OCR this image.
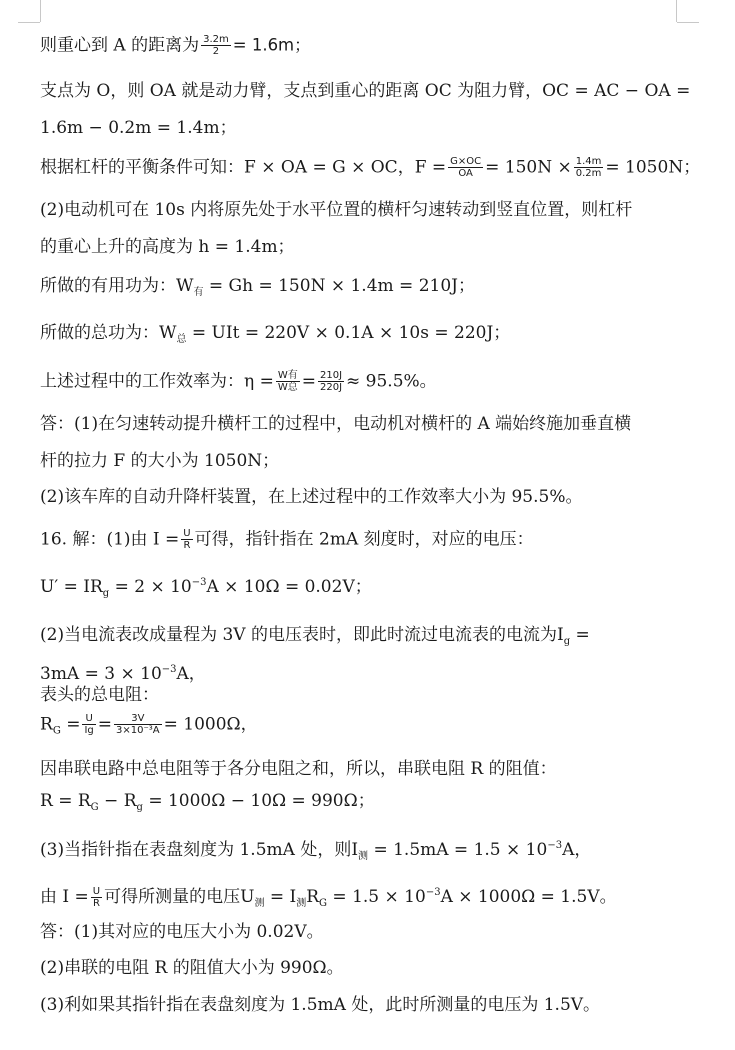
则重心到 A 的距离为 $\frac{3.2m}{2} = 1.6m$；
支点为 O，则 OA 就是动力臂，支点到重心的距离 OC 为阻力臂，OC = AC − OA =
1.6m − 0.2m = 1.4m；
根据杠杆的平衡条件可知：F × OA = G × OC，$F = \frac{G\times OC}{OA} = 150N \times \frac{1.4m}{0.2m} = 1050N$；
(2)电动机可在 10s 内将原先处于水平位置的横杆匀速转动到竖直位置，则杠杆
的重心上升的高度为 h = 1.4m；
所做的有用功为：$W_有 = Gh = 150N \times 1.4m = 210J$；
所做的总功为：$W_总$ = UIt = 220V × 0.1A × 10s = 220J；
上述过程中的工作效率为：$\eta = \frac{\text{W有}}{\text{W总}} = \frac{210J}{220J} \approx 95.5\%$。
答：(1)在匀速转动提升横杆工的过程中，电动机对横杆的 A 端始终施加垂直横
杆的拉力 F 的大小为 1050N；
(2)该车库的自动升降杆装置，在上述过程中的工作效率大小为 95.5%。
16. 解：(1)由 $I = \frac{U}{R}$ 可得，指针指在 2mA 刻度时，对应的电压：
$U' = IR_g = 2 \times 10^{-3}A \times 10\Omega = 0.02V$；
(2)当电流表改成量程为 3V 的电压表时，即此时流过电流表的电流为$I_g$ =
$3mA = 3 \times 10^{-3}A$，
表头的总电阻：
$R_G = \frac{U}{Ig} = \frac{3V}{\text{3×10⁻³A}} = 1000\Omega$，
因串联电路中总电阻等于各分电阻之和，所以，串联电阻 R 的阻值：
$R = R_G - R_g = 1000\Omega - 10\Omega = 990\Omega$；
(3)当指针指在表盘刻度为 1.5mA 处，则$I_测 = 1.5mA = 1.5 \times 10^{-3}A$，
由 $I = \frac{U}{R}$ 可得所测量的电压$U_测 = I_测R_G = 1.5 \times 10^{-3}A \times 1000\Omega = 1.5V$。
答：(1)其对应的电压大小为 0.02V。
(2)串联的电阻 R 的阻值大小为 990Ω。
(3)利如果其指针指在表盘刻度为 1.5mA 处，此时所测量的电压为 1.5V。
